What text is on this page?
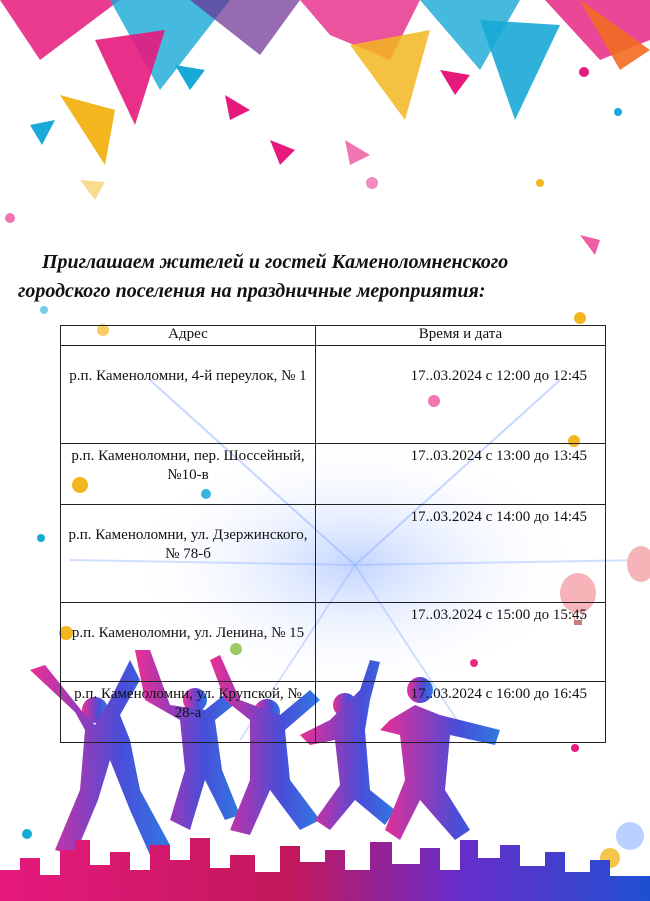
Приглашаем жителей и гостей Каменоломненского
городского поселения на праздничные мероприятия:
Адрес	Время и дата
р.п. Каменоломни, 4-й переулок, № 1	17..03.2024 с 12:00 до 12:45
р.п. Каменоломни, пер. Шоссейный, №10-в	17..03.2024 с 13:00 до 13:45
р.п. Каменоломни, ул. Дзержинского, № 78-б	17..03.2024 с 14:00 до 14:45
р.п. Каменоломни, ул. Ленина, № 15	17..03.2024 с 15:00 до 15:45
р.п. Каменоломни, ул. Крупской, № 28-а	17..03.2024 с 16:00 до 16:45
